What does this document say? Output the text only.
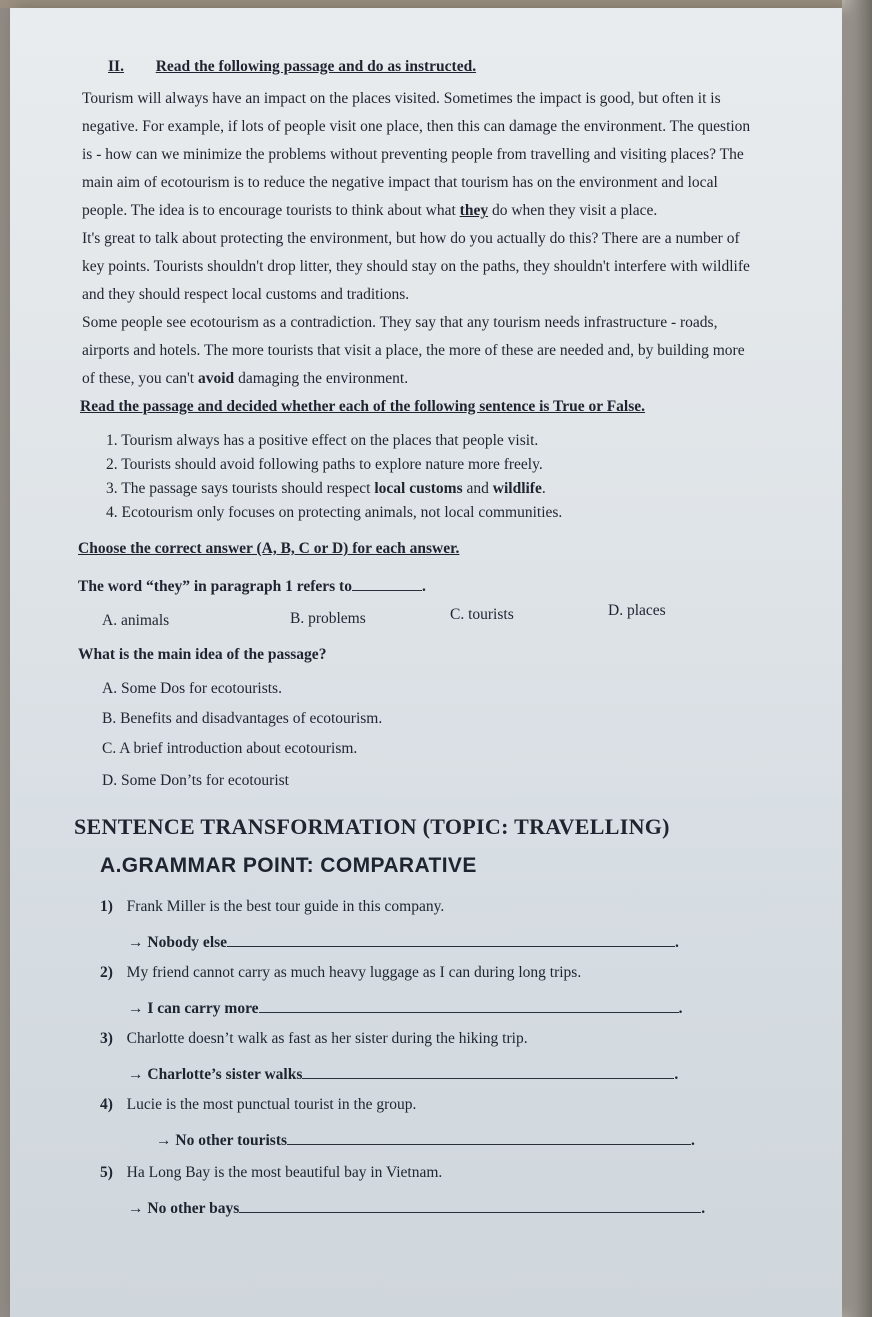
II. Read the following passage and do as instructed.
Tourism will always have an impact on the places visited. Sometimes the impact is good, but often it is
negative. For example, if lots of people visit one place, then this can damage the environment. The question
is - how can we minimize the problems without preventing people from travelling and visiting places? The
main aim of ecotourism is to reduce the negative impact that tourism has on the environment and local
people. The idea is to encourage tourists to think about what they do when they visit a place.
It's great to talk about protecting the environment, but how do you actually do this? There are a number of
key points. Tourists shouldn't drop litter, they should stay on the paths, they shouldn't interfere with wildlife
and they should respect local customs and traditions.
Some people see ecotourism as a contradiction. They say that any tourism needs infrastructure - roads,
airports and hotels. The more tourists that visit a place, the more of these are needed and, by building more
of these, you can't avoid damaging the environment.
Read the passage and decided whether each of the following sentence is True or False.
1. Tourism always has a positive effect on the places that people visit.
2. Tourists should avoid following paths to explore nature more freely.
3. The passage says tourists should respect local customs and wildlife.
4. Ecotourism only focuses on protecting animals, not local communities.
Choose the correct answer (A, B, C or D) for each answer.
The word “they” in paragraph 1 refers to	.
A. animals	B. problems	C. tourists	D. places
What is the main idea of the passage?
A. Some Dos for ecotourists.
B. Benefits and disadvantages of ecotourism.
C. A brief introduction about ecotourism.
D. Some Don’ts for ecotourist
SENTENCE TRANSFORMATION (TOPIC: TRAVELLING)
A.GRAMMAR POINT: COMPARATIVE
1) Frank Miller is the best tour guide in this company.
→ Nobody else	.
2) My friend cannot carry as much heavy luggage as I can during long trips.
→ I can carry more	.
3) Charlotte doesn’t walk as fast as her sister during the hiking trip.
→ Charlotte’s sister walks	.
4) Lucie is the most punctual tourist in the group.
→ No other tourists	.
5) Ha Long Bay is the most beautiful bay in Vietnam.
→ No other bays	.
